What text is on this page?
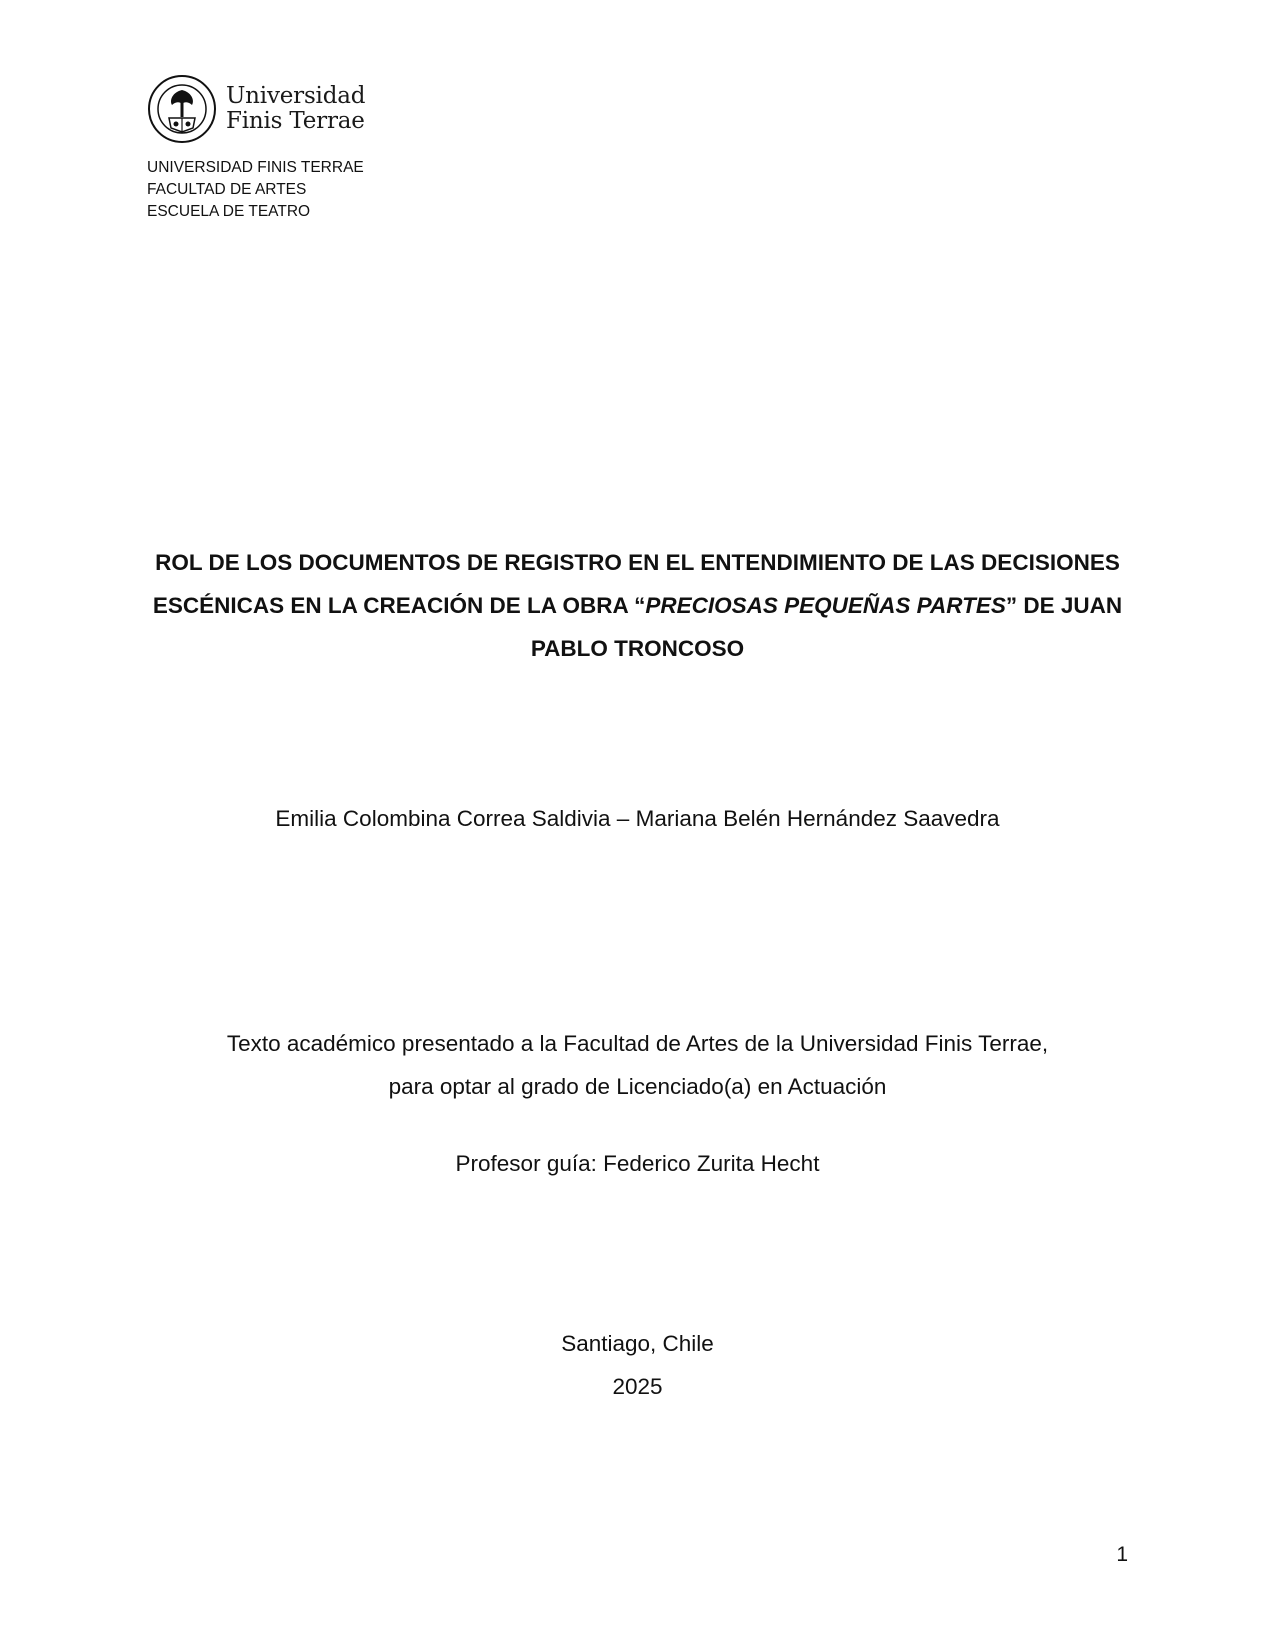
Universidad
Finis Terrae
UNIVERSIDAD FINIS TERRAE
FACULTAD DE ARTES
ESCUELA DE TEATRO
ROL DE LOS DOCUMENTOS DE REGISTRO EN EL ENTENDIMIENTO DE LAS DECISIONES ESCÉNICAS EN LA CREACIÓN DE LA OBRA “PRECIOSAS PEQUEÑAS PARTES” DE JUAN PABLO TRONCOSO
Emilia Colombina Correa Saldivia – Mariana Belén Hernández Saavedra
Texto académico presentado a la Facultad de Artes de la Universidad Finis Terrae,
para optar al grado de Licenciado(a) en Actuación
Profesor guía: Federico Zurita Hecht
Santiago, Chile
2025
1
